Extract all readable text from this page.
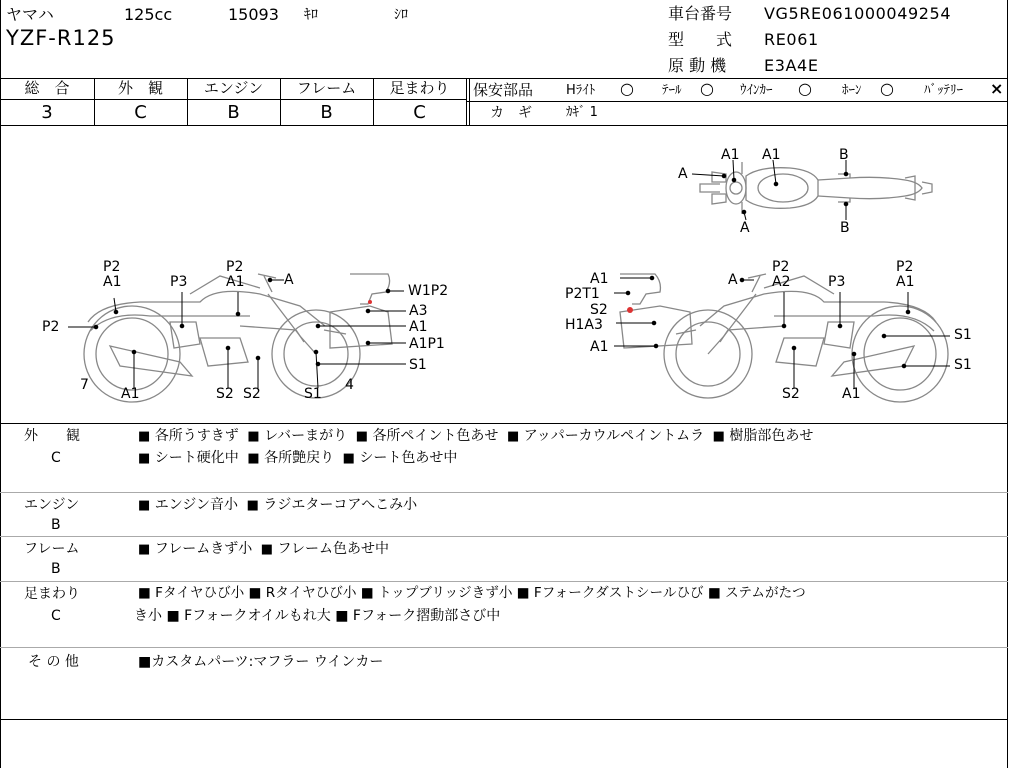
ヤマハ	125cc	15093 ｷﾛ	ｼﾛ
YZF-R125
車台番号 VG5RE061000049254
型　　式 RE061
原 動 機 E3A4E
総　合	外　観	エンジン	フレーム	足まわり
3	C	B	B	C
保安部品	Hﾗｲﾄ ○ ﾃｰﾙ ○ ｳｲﾝｶｰ ○ ﾎｰﾝ ○ ﾊﾞｯﾃﾘｰ ×
カ　ギ	ｶｷﾞ 1
A
A1 A1	B
A	B
P2
A1	P3
P2
A1	A
W1P2
A3
A1
A1P1
S1
P2
7
A1	S2 S2	S1
4
A1	A
P2	P2
P2T1
A2	P3	A1
S2
H1A3
S1
A1
S1
S2	A1
外　　観
C
■ 各所うすきず  ■ レバーまがり  ■ 各所ペイント色あせ  ■ アッパーカウルペイントムラ  ■ 樹脂部色あせ
■ シート硬化中  ■ 各所艶戻り  ■ シート色あせ中
エンジン
B
■ エンジン音小  ■ ラジエターコアへこみ小
フレーム
B
■ フレームきず小  ■ フレーム色あせ中
足まわり
C
■ Fタイヤひび小 ■ Rタイヤひび小 ■ トップブリッジきず小 ■ Fフォークダストシールひび ■ ステムがたつ
き小 ■ Fフォークオイルもれ大 ■ Fフォーク摺動部さび中
そ の 他	■カスタムパーツ:マフラー ウインカー
